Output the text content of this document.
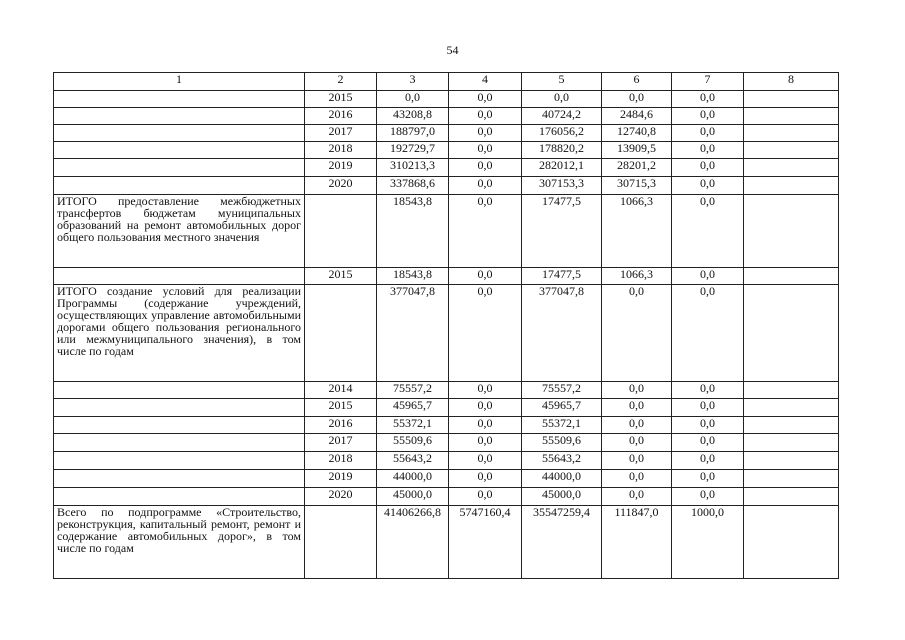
54
1	2	3	4	5	6	7	8
	2015	0,0	0,0	0,0	0,0	0,0	
	2016	43208,8	0,0	40724,2	2484,6	0,0	
	2017	188797,0	0,0	176056,2	12740,8	0,0	
	2018	192729,7	0,0	178820,2	13909,5	0,0	
	2019	310213,3	0,0	282012,1	28201,2	0,0	
	2020	337868,6	0,0	307153,3	30715,3	0,0	
ИТОГО предоставление межбюджетных трансфертов бюджетам муниципальных образований на ремонт автомобильных дорог общего пользования местного значения		18543,8	0,0	17477,5	1066,3	0,0	
	2015	18543,8	0,0	17477,5	1066,3	0,0	
ИТОГО создание условий для реализации Программы (содержание учреждений, осуществляющих управление автомобильными дорогами общего пользования регионального или межмуниципального значения), в том числе по годам		377047,8	0,0	377047,8	0,0	0,0	
	2014	75557,2	0,0	75557,2	0,0	0,0	
	2015	45965,7	0,0	45965,7	0,0	0,0	
	2016	55372,1	0,0	55372,1	0,0	0,0	
	2017	55509,6	0,0	55509,6	0,0	0,0	
	2018	55643,2	0,0	55643,2	0,0	0,0	
	2019	44000,0	0,0	44000,0	0,0	0,0	
	2020	45000,0	0,0	45000,0	0,0	0,0	
Всего по подпрограмме «Строительство, реконструкция, капитальный ремонт, ремонт и содержание автомобильных дорог», в том числе по годам		41406266,8	5747160,4	35547259,4	111847,0	1000,0	
